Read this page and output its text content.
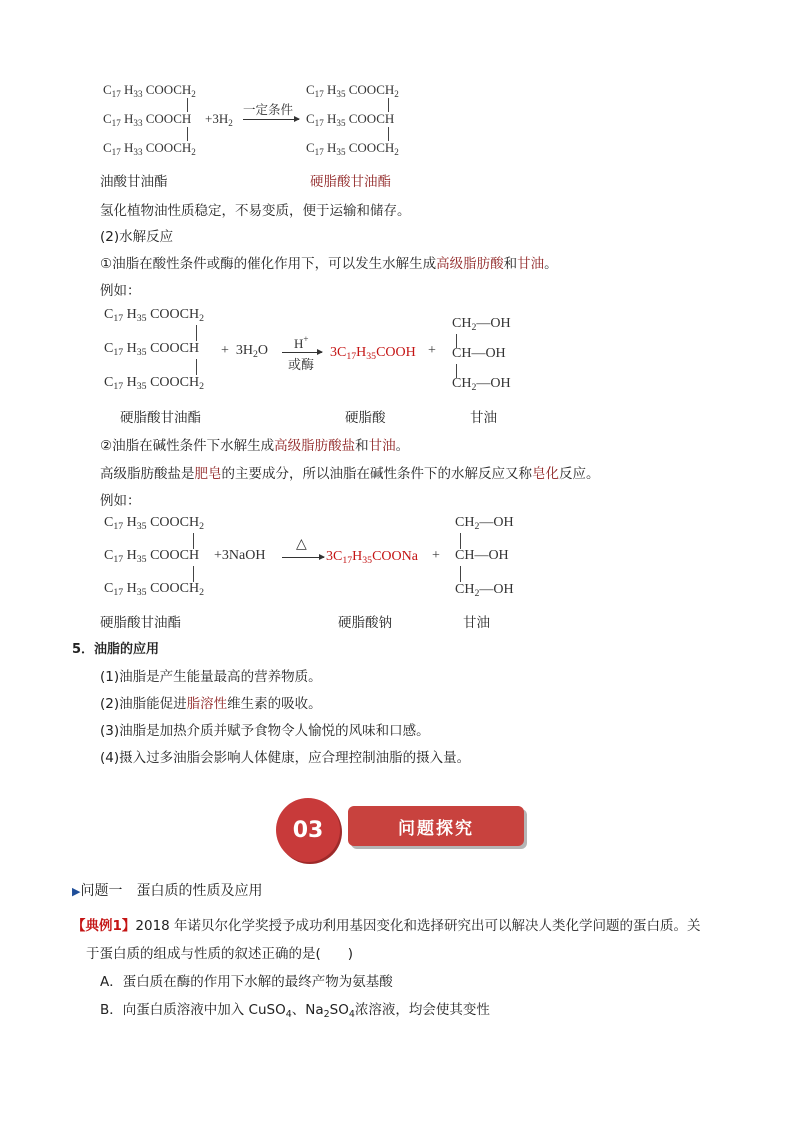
$C_{17}$ $H_{33}$ $COOCH_2$
$C_{17}$ $H_{33}$ COOCH
$C_{17}$ $H_{33}$ $COOCH_2$
$+3H_2$
一定条件
$C_{17}$ $H_{35}$ $COOCH_2$
$C_{17}$ $H_{35}$ COOCH
$C_{17}$ $H_{35}$ $COOCH_2$
油酸甘油酯	硬脂酸甘油酯
氢化植物油性质稳定，不易变质，便于运输和储存。
(2)水解反应
①油脂在酸性条件或酶的催化作用下，可以发生水解生成高级脂肪酸和甘油。
例如：
$C_{17}$ $H_{35}$ $COOCH_2$
$C_{17}$ $H_{35}$ COOCH
$C_{17}$ $H_{35}$ $COOCH_2$
+  $3H_2O$ H+
或酶
$3C_{17}H_{35}COOH$ +
$CH_2—OH$
CH—OH
$CH_2—OH$
硬脂酸甘油酯	硬脂酸	甘油
②油脂在碱性条件下水解生成高级脂肪酸盐和甘油。
高级脂肪酸盐是肥皂的主要成分，所以油脂在碱性条件下的水解反应又称皂化反应。
例如：
$C_{17}$ $H_{35}$ $COOCH_2$
$C_{17}$ $H_{35}$ COOCH
$C_{17}$ $H_{35}$ $COOCH_2$
+3NaOH
△
→ $3C_{17}H_{35}COONa$ +
$CH_2—OH$
CH—OH
$CH_2—OH$
硬脂酸甘油酯	硬脂酸钠	甘油
5．油脂的应用
(1)油脂是产生能量最高的营养物质。
(2)油脂能促进脂溶性维生素的吸收。
(3)油脂是加热介质并赋予食物令人愉悦的风味和口感。
(4)摄入过多油脂会影响人体健康，应合理控制油脂的摄入量。
问题探究
03
▶问题一　蛋白质的性质及应用
【典例1】2018 年诺贝尔化学奖授予成功利用基因变化和选择研究出可以解决人类化学问题的蛋白质。关
于蛋白质的组成与性质的叙述正确的是(　　)
A．蛋白质在酶的作用下水解的最终产物为氨基酸
B．向蛋白质溶液中加入 CuSO$_4$、$Na_2SO_4$浓溶液，均会使其变性
